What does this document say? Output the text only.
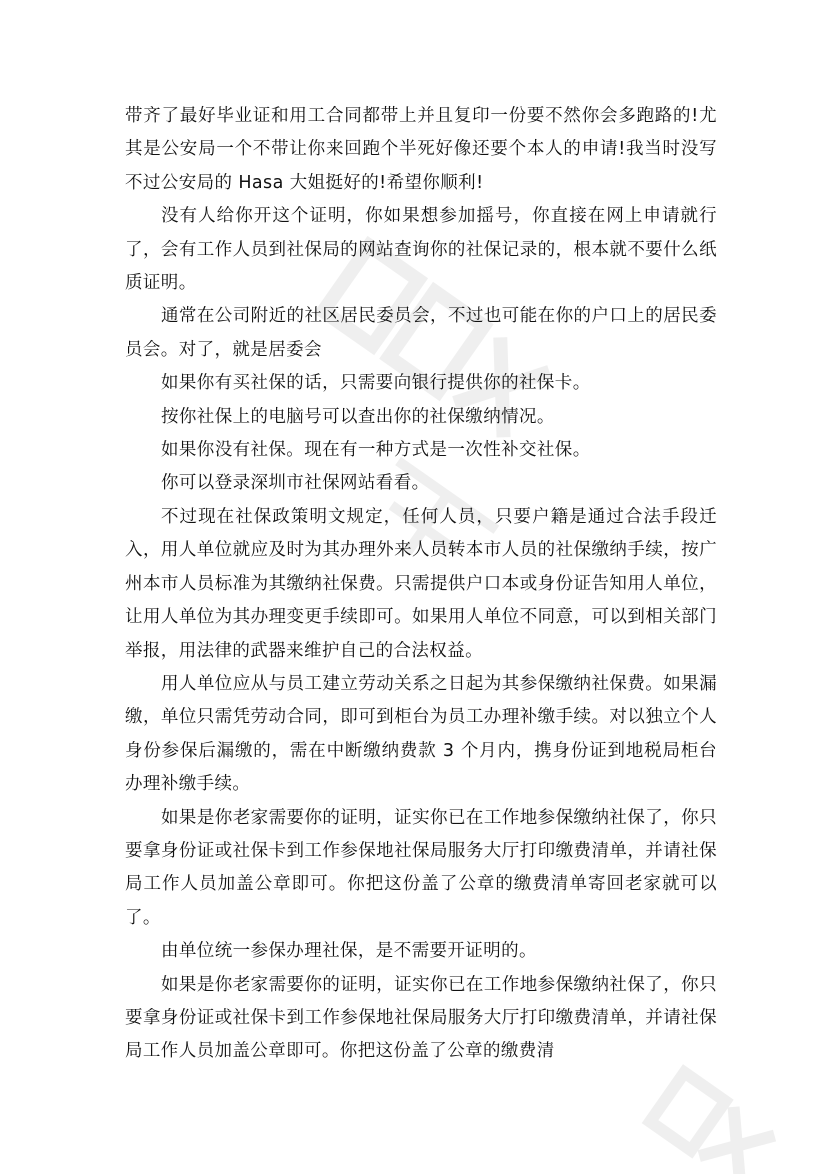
带齐了最好毕业证和用工合同都带上并且复印一份要不然你会多跑路的!尤其是公安局一个不带让你来回跑个半死好像还要个本人的申请!我当时没写不过公安局的 Hasa 大姐挺好的!希望你顺利!

没有人给你开这个证明，你如果想参加摇号，你直接在网上申请就行了，会有工作人员到社保局的网站查询你的社保记录的，根本就不要什么纸质证明。

通常在公司附近的社区居民委员会，不过也可能在你的户口上的居民委员会。对了，就是居委会

如果你有买社保的话，只需要向银行提供你的社保卡。

按你社保上的电脑号可以查出你的社保缴纳情况。

如果你没有社保。现在有一种方式是一次性补交社保。

你可以登录深圳市社保网站看看。

不过现在社保政策明文规定，任何人员，只要户籍是通过合法手段迁入，用人单位就应及时为其办理外来人员转本市人员的社保缴纳手续，按广州本市人员标准为其缴纳社保费。只需提供户口本或身份证告知用人单位，让用人单位为其办理变更手续即可。如果用人单位不同意，可以到相关部门举报，用法律的武器来维护自己的合法权益。

用人单位应从与员工建立劳动关系之日起为其参保缴纳社保费。如果漏缴，单位只需凭劳动合同，即可到柜台为员工办理补缴手续。对以独立个人身份参保后漏缴的，需在中断缴纳费款 3 个月内，携身份证到地税局柜台办理补缴手续。

如果是你老家需要你的证明，证实你已在工作地参保缴纳社保了，你只要拿身份证或社保卡到工作参保地社保局服务大厅打印缴费清单，并请社保局工作人员加盖公章即可。你把这份盖了公章的缴费清单寄回老家就可以了。

由单位统一参保办理社保，是不需要开证明的。

如果是你老家需要你的证明，证实你已在工作地参保缴纳社保了，你只要拿身份证或社保卡到工作参保地社保局服务大厅打印缴费清单，并请社保局工作人员加盖公章即可。你把这份盖了公章的缴费清
